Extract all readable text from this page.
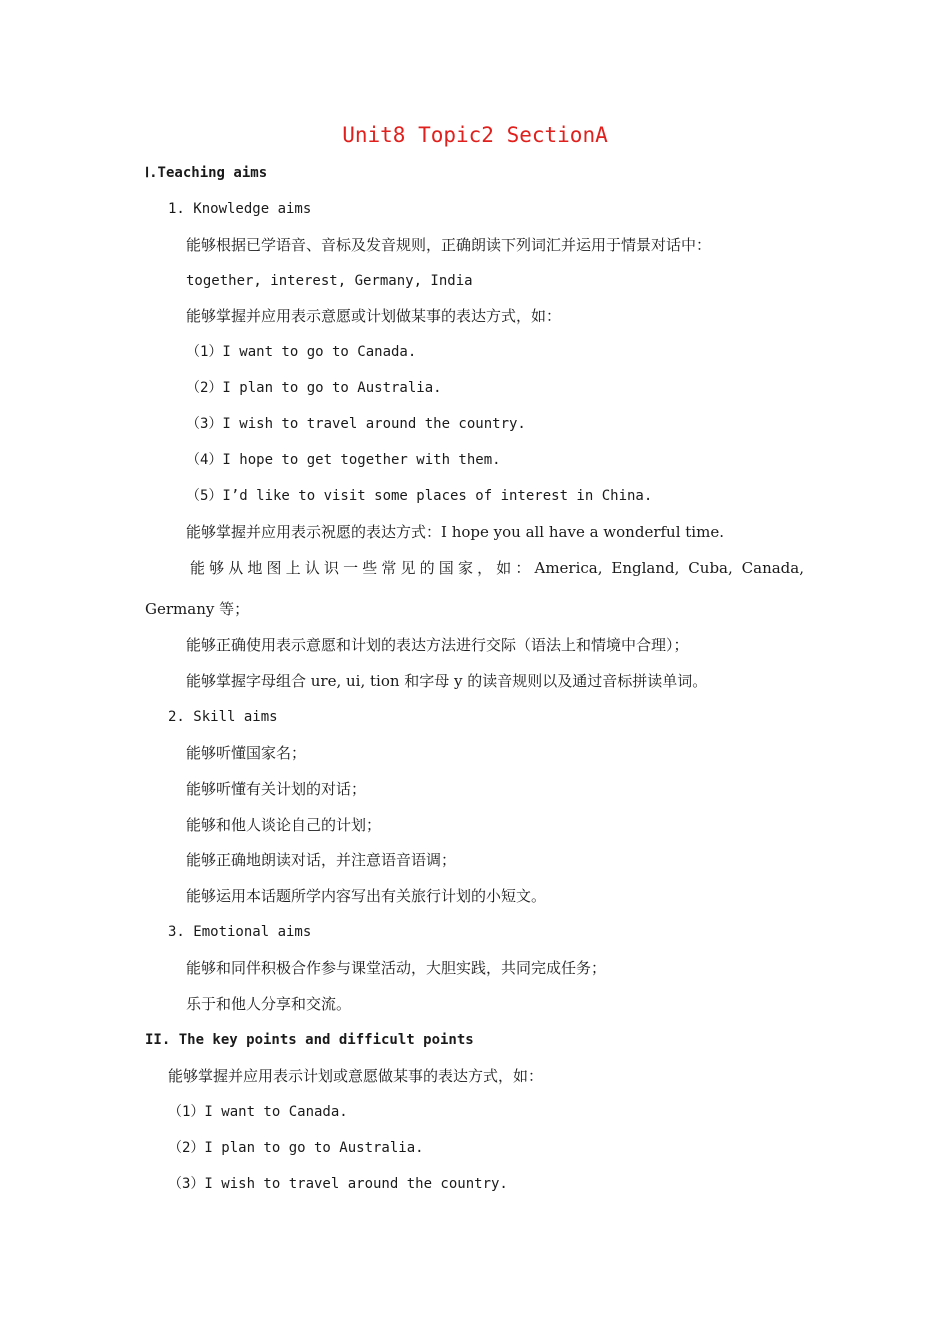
Unit8 Topic2 SectionA
Ⅰ.Teaching aims
1. Knowledge aims
能够根据已学语音、音标及发音规则，正确朗读下列词汇并运用于情景对话中：
together, interest, Germany, India
能够掌握并应用表示意愿或计划做某事的表达方式，如：
（1）I want to go to Canada.
（2）I plan to go to Australia.
（3）I wish to travel around the country.
（4）I hope to get together with them.
（5）I’d like to visit some places of interest in China.
能够掌握并应用表示祝愿的表达方式：I hope you all have a wonderful time.
能够从地图上认识一些常见的国家，如：America, England, Cuba, Canada,
Germany 等；
能够正确使用表示意愿和计划的表达方法进行交际（语法上和情境中合理）；
能够掌握字母组合 ure, ui, tion 和字母 y 的读音规则以及通过音标拼读单词。
2. Skill aims
能够听懂国家名；
能够听懂有关计划的对话；
能够和他人谈论自己的计划；
能够正确地朗读对话，并注意语音语调；
能够运用本话题所学内容写出有关旅行计划的小短文。
3. Emotional aims
能够和同伴积极合作参与课堂活动，大胆实践，共同完成任务；
乐于和他人分享和交流。
II. The key points and difficult points
能够掌握并应用表示计划或意愿做某事的表达方式，如：
（1）I want to Canada.
（2）I plan to go to Australia.
（3）I wish to travel around the country.
